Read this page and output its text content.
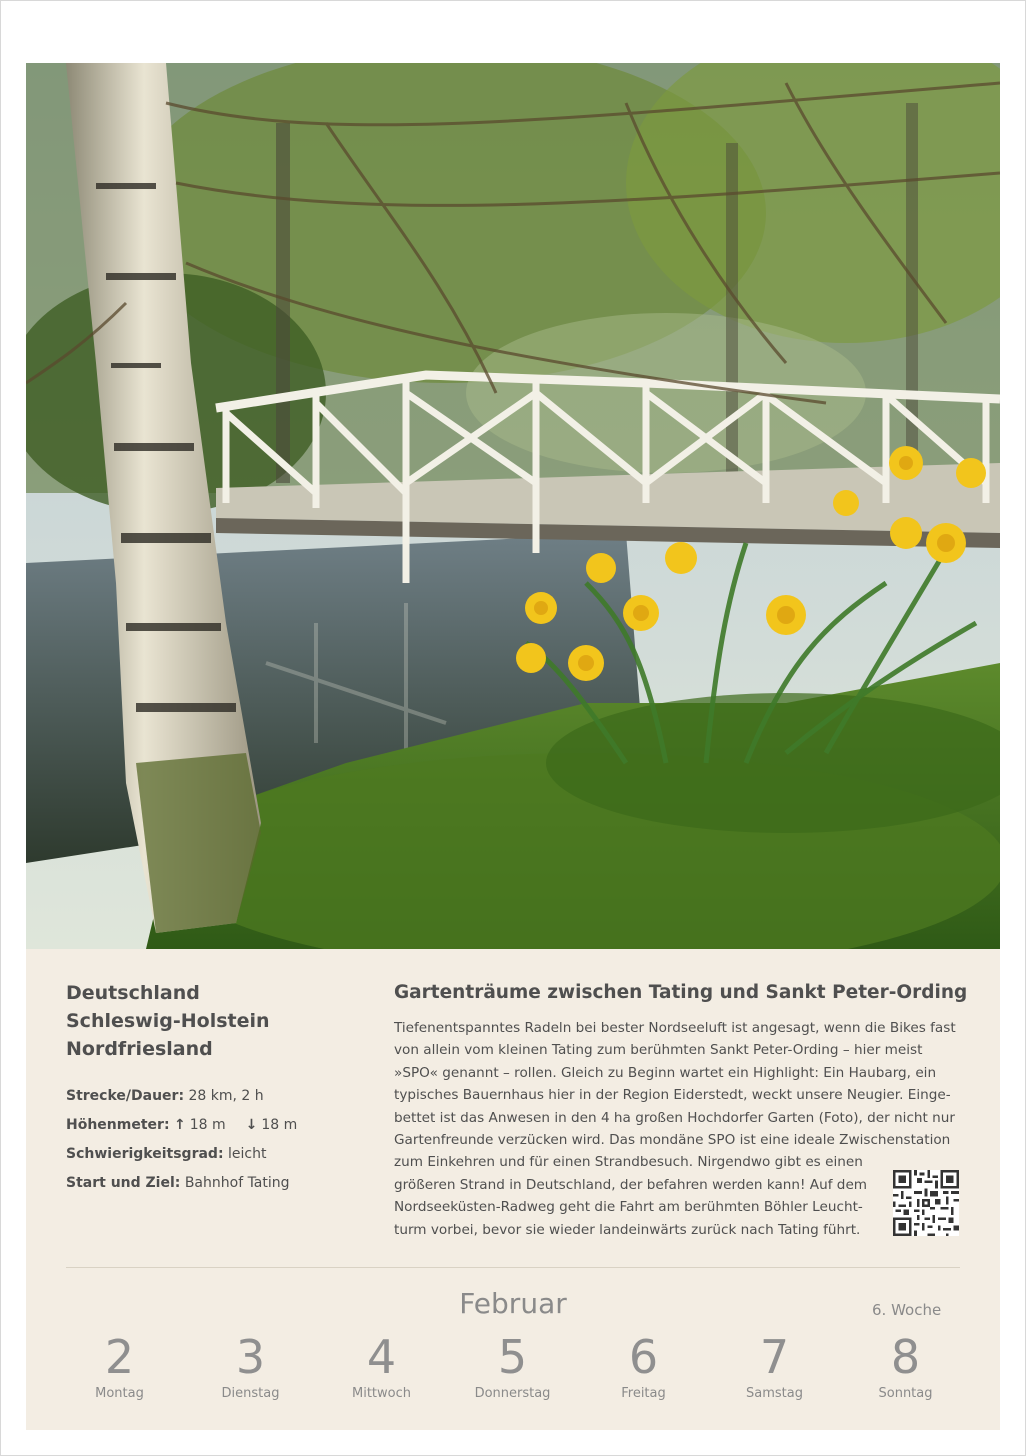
Deutschland
Schleswig-Holstein
Nordfriesland
Strecke/Dauer: 28 km, 2 h
Höhenmeter: ↑ 18 m ↓ 18 m
Schwierigkeitsgrad: leicht
Start und Ziel: Bahnhof Tating
Gartenträume zwischen Tating und Sankt Peter-Ording
Tiefenentspanntes Radeln bei bester Nordseeluft ist angesagt, wenn die Bikes fast
von allein vom kleinen Tating zum berühmten Sankt Peter-Ording – hier meist
»SPO« genannt – rollen. Gleich zu Beginn wartet ein Highlight: Ein Haubarg, ein
typisches Bauernhaus hier in der Region Eiderstedt, weckt unsere Neugier. Einge-
bettet ist das Anwesen in den 4 ha großen Hochdorfer Garten (Foto), der nicht nur
Gartenfreunde verzücken wird. Das mondäne SPO ist eine ideale Zwischenstation
zum Einkehren und für einen Strandbesuch. Nirgendwo gibt es einen
größeren Strand in Deutschland, der befahren werden kann! Auf dem
Nordseeküsten-Radweg geht die Fahrt am berühmten Böhler Leucht-
turm vorbei, bevor sie wieder landeinwärts zurück nach Tating führt.
Februar	6. Woche
2
Montag
3
Dienstag
4
Mittwoch
5
Donnerstag
6
Freitag
7
Samstag
8
Sonntag
